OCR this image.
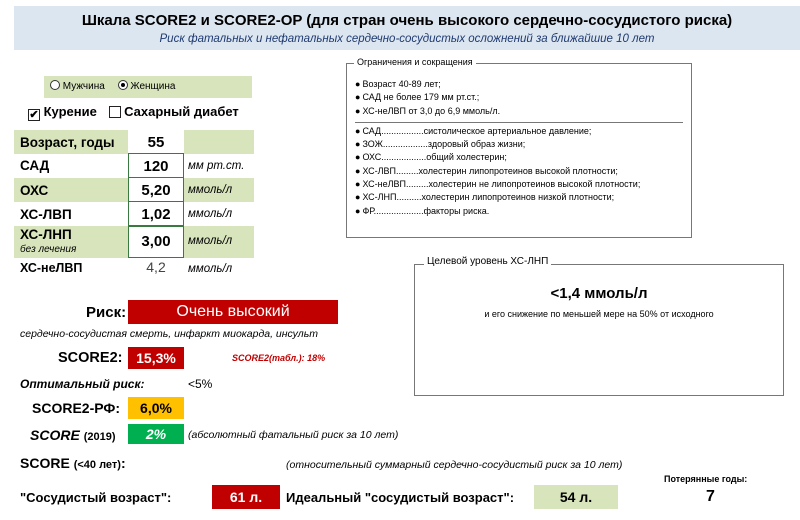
Шкала SCORE2 и SCORE2-OP (для стран очень высокого сердечно-сосудистого риска)
Риск фатальных и нефатальных сердечно-сосудистых осложнений за ближайшие 10 лет
Мужчина	Женщина
✔ Курение Сахарный диабет
Возраст, годы	55
САД	120	мм рт.ст.
ОХС	5,20	ммоль/л
ХС-ЛВП	1,02	ммоль/л
ХС-ЛНП
без лечения	3,00	ммоль/л
ХС-неЛВП	4,2	ммоль/л
● Возраст 40-89 лет;
● САД не более 179 мм рт.ст.;
● ХС-неЛВП от 3,0 до 6,9 ммоль/л.
● САД.................систолическое артериальное давление;
● ЗОЖ..................здоровый образ жизни;
● ОХС..................общий холестерин;
● ХС-ЛВП.........холестерин липопротеинов высокой плотности;
● ХС-неЛВП.........холестерин не липопротеинов высокой плотности;
● ХС-ЛНП..........холестерин липопротеинов низкой плотности;
● ФР....................факторы риска.
Ограничения и сокращения
<1,4 ммоль/л
и его снижение по меньшей мере на 50% от исходного
Целевой уровень ХС-ЛНП
Риск:	Очень высокий
сердечно-сосудистая смерть, инфаркт миокарда, инсульт
SCORE2: 15,3%	SCORE2(табл.): 18%
Оптимальный риск:	<5%
SCORE2-РФ:	6,0%
SCORE (2019)	2%	(абсолютный фатальный риск за 10 лет)
SCORE (<40 лет):	(относительный суммарный сердечно-сосудистый риск за 10 лет)
"Сосудистый возраст":	61 л.	Идеальный "сосудистый возраст":	54 л.
Потерянные годы:
7
